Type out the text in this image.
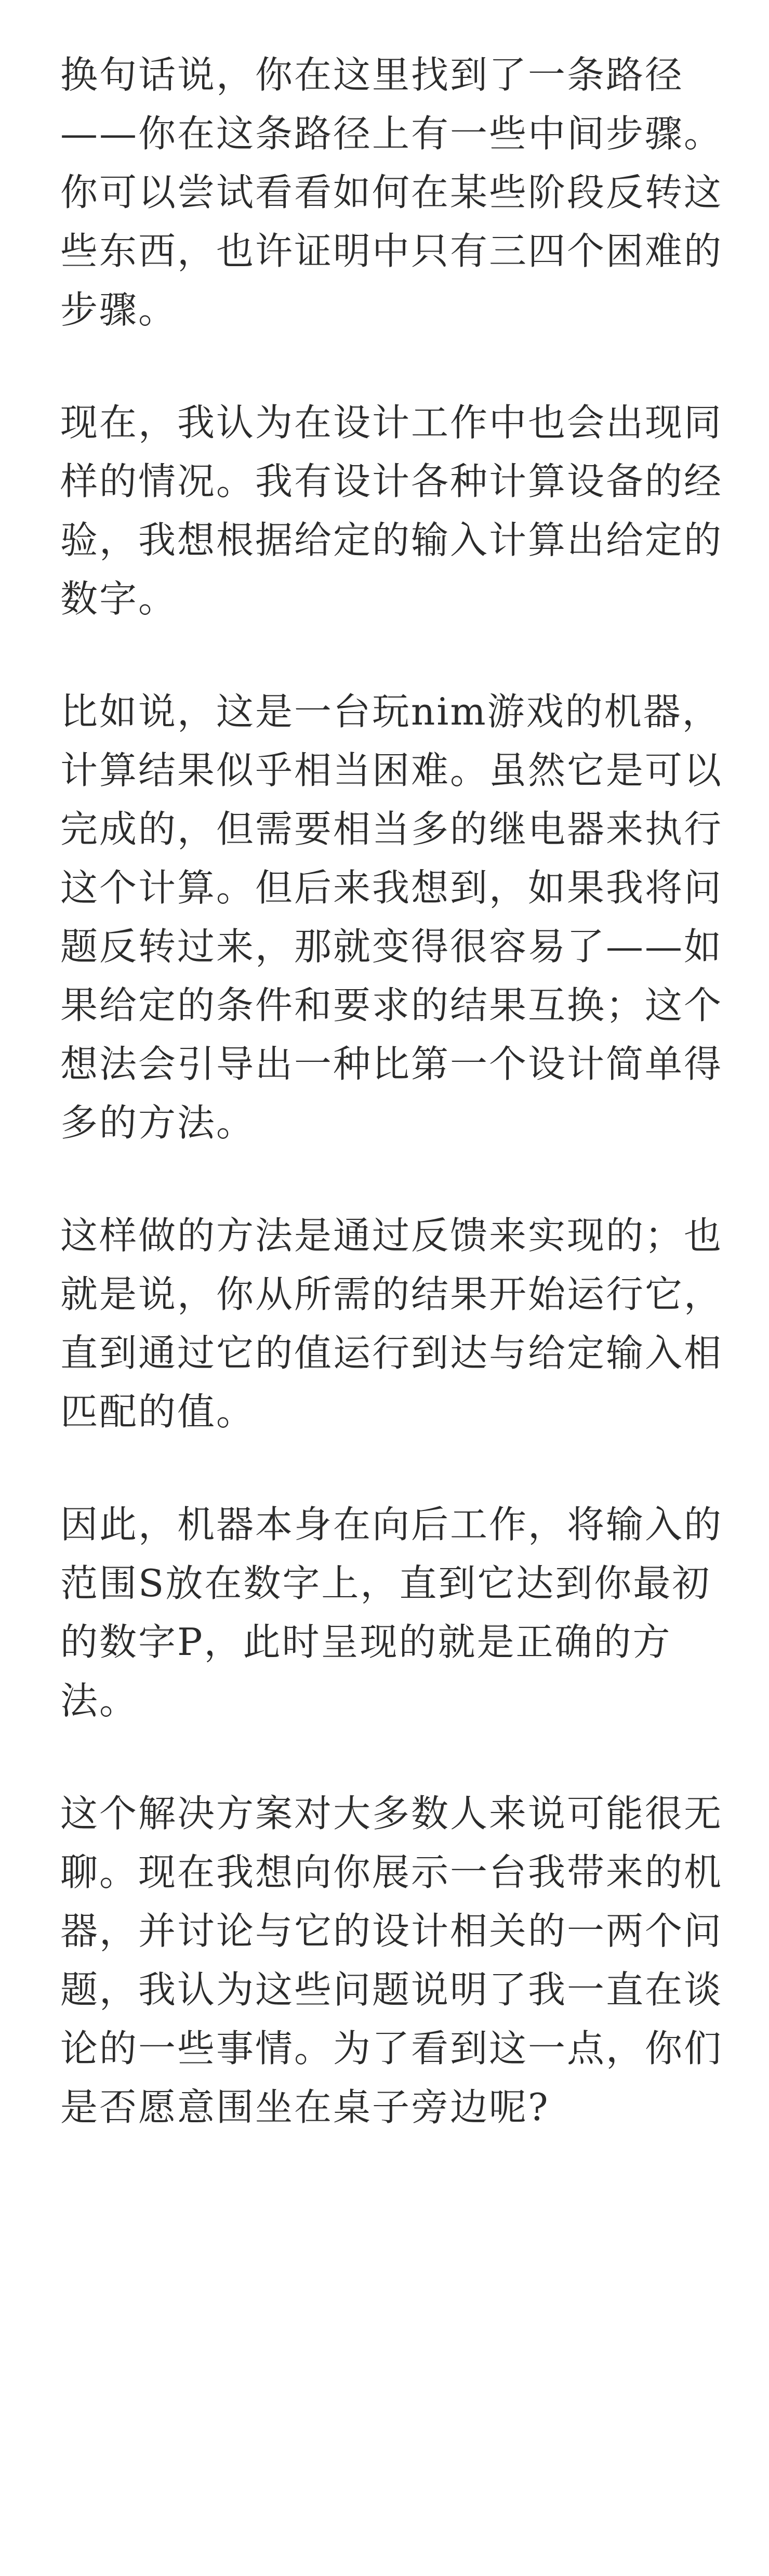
换句话说，你在这里找到了一条路径——你在这条路径上有一些中间步骤。你可以尝试看看如何在某些阶段反转这些东西，也许证明中只有三四个困难的步骤。

现在，我认为在设计工作中也会出现同样的情况。我有设计各种计算设备的经验，我想根据给定的输入计算出给定的数字。

比如说，这是一台玩nim游戏的机器，计算结果似乎相当困难。虽然它是可以完成的，但需要相当多的继电器来执行这个计算。但后来我想到，如果我将问题反转过来，那就变得很容易了——如果给定的条件和要求的结果互换；这个想法会引导出一种比第一个设计简单得多的方法。

这样做的方法是通过反馈来实现的；也就是说，你从所需的结果开始运行它，直到通过它的值运行到达与给定输入相匹配的值。

因此，机器本身在向后工作，将输入的范围S放在数字上，直到它达到你最初的数字P，此时呈现的就是正确的方法。

这个解决方案对大多数人来说可能很无聊。现在我想向你展示一台我带来的机器，并讨论与它的设计相关的一两个问题，我认为这些问题说明了我一直在谈论的一些事情。为了看到这一点，你们是否愿意围坐在桌子旁边呢?
